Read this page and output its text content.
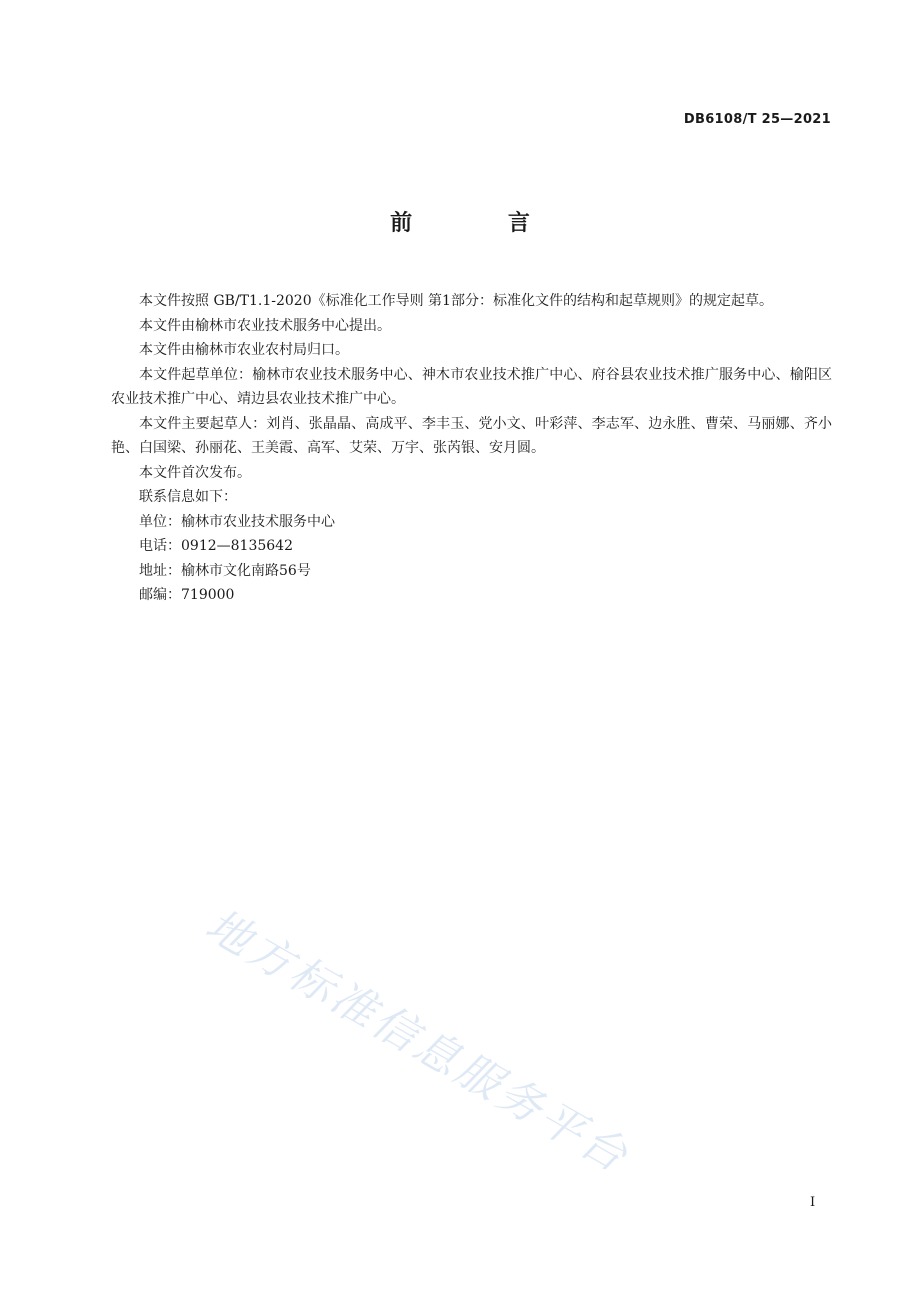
DB6108/T 25—2021
前 言

本文件按照 GB/T1.1-2020《标准化工作导则 第1部分：标准化文件的结构和起草规则》的规定起草。

本文件由榆林市农业技术服务中心提出。

本文件由榆林市农业农村局归口。

本文件起草单位：榆林市农业技术服务中心、神木市农业技术推广中心、府谷县农业技术推广服务中心、榆阳区农业技术推广中心、靖边县农业技术推广中心。

本文件主要起草人：刘肖、张晶晶、高成平、李丰玉、党小文、叶彩萍、李志军、边永胜、曹荣、马丽娜、齐小艳、白国梁、孙丽花、王美霞、高军、艾荣、万宇、张芮银、安月圆。

本文件首次发布。

联系信息如下：

单位：榆林市农业技术服务中心

电话：0912—8135642

地址：榆林市文化南路56号

邮编：719000

地方标准信息服务平台
I
